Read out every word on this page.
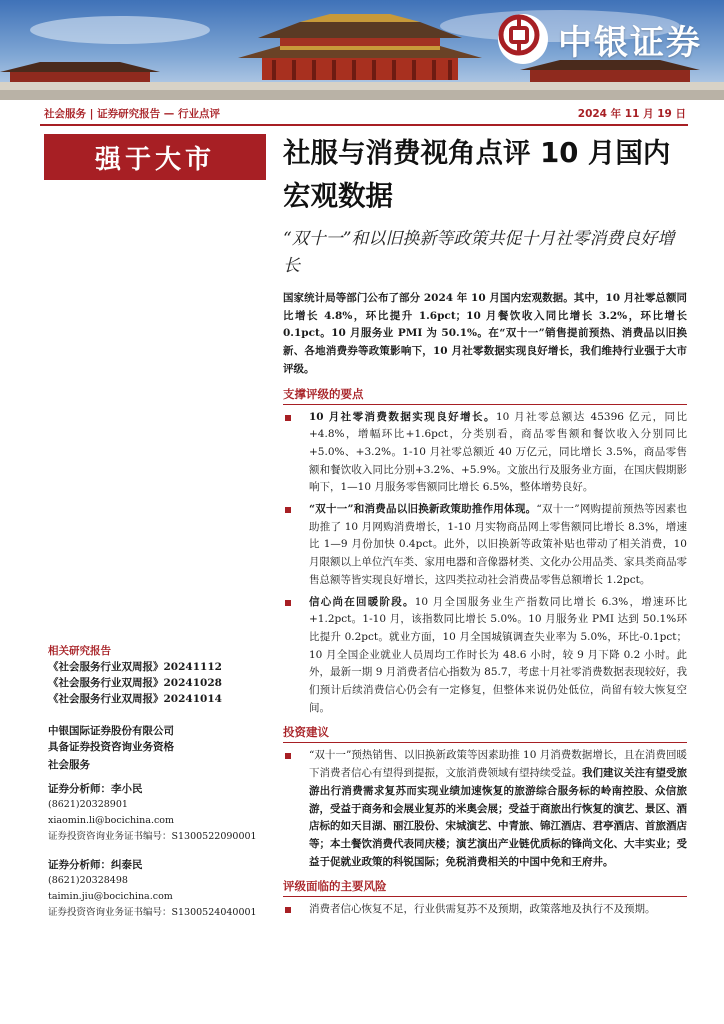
中银证券
社会服务 | 证券研究报告 — 行业点评	2024 年 11 月 19 日
强于大市
相关研究报告
《社会服务行业双周报》20241112
《社会服务行业双周报》20241028
《社会服务行业双周报》20241014
中银国际证券股份有限公司
具备证券投资咨询业务资格
社会服务
证券分析师：李小民
(8621)20328901
xiaomin.li@bocichina.com
证券投资咨询业务证书编号：S1300522090001
证券分析师：纠泰民
(8621)20328498
taimin.jiu@bocichina.com
证券投资咨询业务证书编号：S1300524040001
社服与消费视角点评 10 月国内宏观数据
“双十一”和以旧换新等政策共促十月社零消费良好增长
国家统计局等部门公布了部分 2024 年 10 月国内宏观数据。其中，10 月社零总额同比增长 4.8%，环比提升 1.6pct；10 月餐饮收入同比增长 3.2%，环比增长 0.1pct。10 月服务业 PMI 为 50.1%。在“双十一”销售提前预热、消费品以旧换新、各地消费券等政策影响下，10 月社零数据实现良好增长，我们维持行业强于大市评级。
支撑评级的要点
10 月社零消费数据实现良好增长。10 月社零总额达 45396 亿元，同比+4.8%，增幅环比+1.6pct，分类别看，商品零售额和餐饮收入分别同比+5.0%、+3.2%。1-10 月社零总额近 40 万亿元，同比增长 3.5%，商品零售额和餐饮收入同比分别+3.2%、+5.9%。文旅出行及服务业方面，在国庆假期影响下，1—10 月服务零售额同比增长 6.5%，整体增势良好。
“双十一”和消费品以旧换新政策助推作用体现。“双十一”网购提前预热等因素也助推了 10 月网购消费增长，1-10 月实物商品网上零售额同比增长 8.3%，增速比 1—9 月份加快 0.4pct。此外，以旧换新等政策补贴也带动了相关消费，10 月限额以上单位汽车类、家用电器和音像器材类、文化办公用品类、家具类商品零售总额等皆实现良好增长，这四类拉动社会消费品零售总额增长 1.2pct。
信心尚在回暖阶段。10 月全国服务业生产指数同比增长 6.3%，增速环比+1.2pct。1-10 月，该指数同比增长 5.0%。10 月服务业 PMI 达到 50.1%环比提升 0.2pct。就业方面，10 月全国城镇调查失业率为 5.0%，环比-0.1pct；10 月全国企业就业人员周均工作时长为 48.6 小时，较 9 月下降 0.2 小时。此外，最新一期 9 月消费者信心指数为 85.7，考虑十月社零消费数据表现较好，我们预计后续消费信心仍会有一定修复，但整体来说仍处低位，尚留有较大恢复空间。
投资建议
“双十一”预热销售、以旧换新政策等因素助推 10 月消费数据增长，且在消费回暖下消费者信心有望得到提振，文旅消费领域有望持续受益。我们建议关注有望受旅游出行消费需求复苏而实现业绩加速恢复的旅游综合服务标的岭南控股、众信旅游，受益于商务和会展业复苏的米奥会展；受益于商旅出行恢复的演艺、景区、酒店标的如天目湖、丽江股份、宋城演艺、中青旅、锦江酒店、君亭酒店、首旅酒店等；本土餐饮消费代表同庆楼；演艺演出产业链优质标的锋尚文化、大丰实业；受益于促就业政策的科锐国际；免税消费相关的中国中免和王府井。
评级面临的主要风险
消费者信心恢复不足，行业供需复苏不及预期，政策落地及执行不及预期。
